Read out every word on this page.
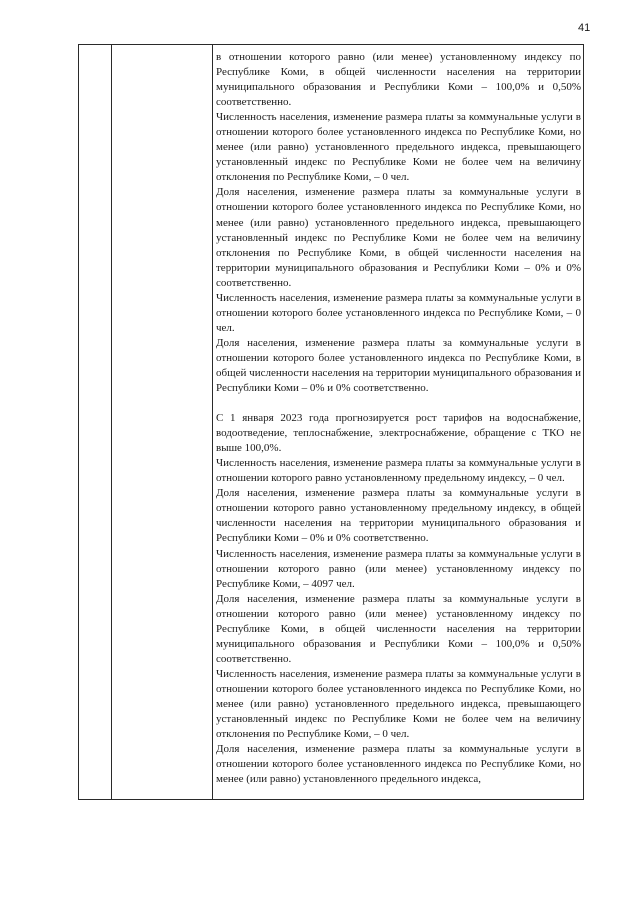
41

в отношении которого равно (или менее) установленному индексу по Республике Коми, в общей численности населения на территории муниципального образования и Республики Коми – 100,0% и 0,50% соответственно.

Численность населения, изменение размера платы за коммунальные услуги в отношении которого более установленного индекса по Республике Коми, но менее (или равно) установленного предельного индекса, превышающего установленный индекс по Республике Коми не более чем на величину отклонения по Республике Коми, – 0 чел.

Доля населения, изменение размера платы за коммунальные услуги в отношении которого более установленного индекса по Республике Коми, но менее (или равно) установленного предельного индекса, превышающего установленный индекс по Республике Коми не более чем на величину отклонения по Республике Коми, в общей численности населения на территории муниципального образования и Республики Коми – 0% и 0% соответственно.

Численность населения, изменение размера платы за коммунальные услуги в отношении которого более установленного индекса по Республике Коми, – 0 чел.

Доля населения, изменение размера платы за коммунальные услуги в отношении которого более установленного индекса по Республике Коми, в общей численности населения на территории муниципального образования и Республики Коми – 0% и 0% соответственно.

С 1 января 2023 года прогнозируется рост тарифов на водоснабжение, водоотведение, теплоснабжение, электроснабжение, обращение с ТКО не выше 100,0%.

Численность населения, изменение размера платы за коммунальные услуги в отношении которого равно установленному предельному индексу, – 0 чел.

Доля населения, изменение размера платы за коммунальные услуги в отношении которого равно установленному предельному индексу, в общей численности населения на территории муниципального образования и Республики Коми – 0% и 0% соответственно.

Численность населения, изменение размера платы за коммунальные услуги в отношении которого равно (или менее) установленному индексу по Республике Коми, – 4097 чел.

Доля населения, изменение размера платы за коммунальные услуги в отношении которого равно (или менее) установленному индексу по Республике Коми, в общей численности населения на территории муниципального образования и Республики Коми – 100,0% и 0,50% соответственно.

Численность населения, изменение размера платы за коммунальные услуги в отношении которого более установленного индекса по Республике Коми, но менее (или равно) установленного предельного индекса, превышающего установленный индекс по Республике Коми не более чем на величину отклонения по Республике Коми, – 0 чел.

Доля населения, изменение размера платы за коммунальные услуги в отношении которого более установленного индекса по Республике Коми, но менее (или равно) установленного предельного индекса,
